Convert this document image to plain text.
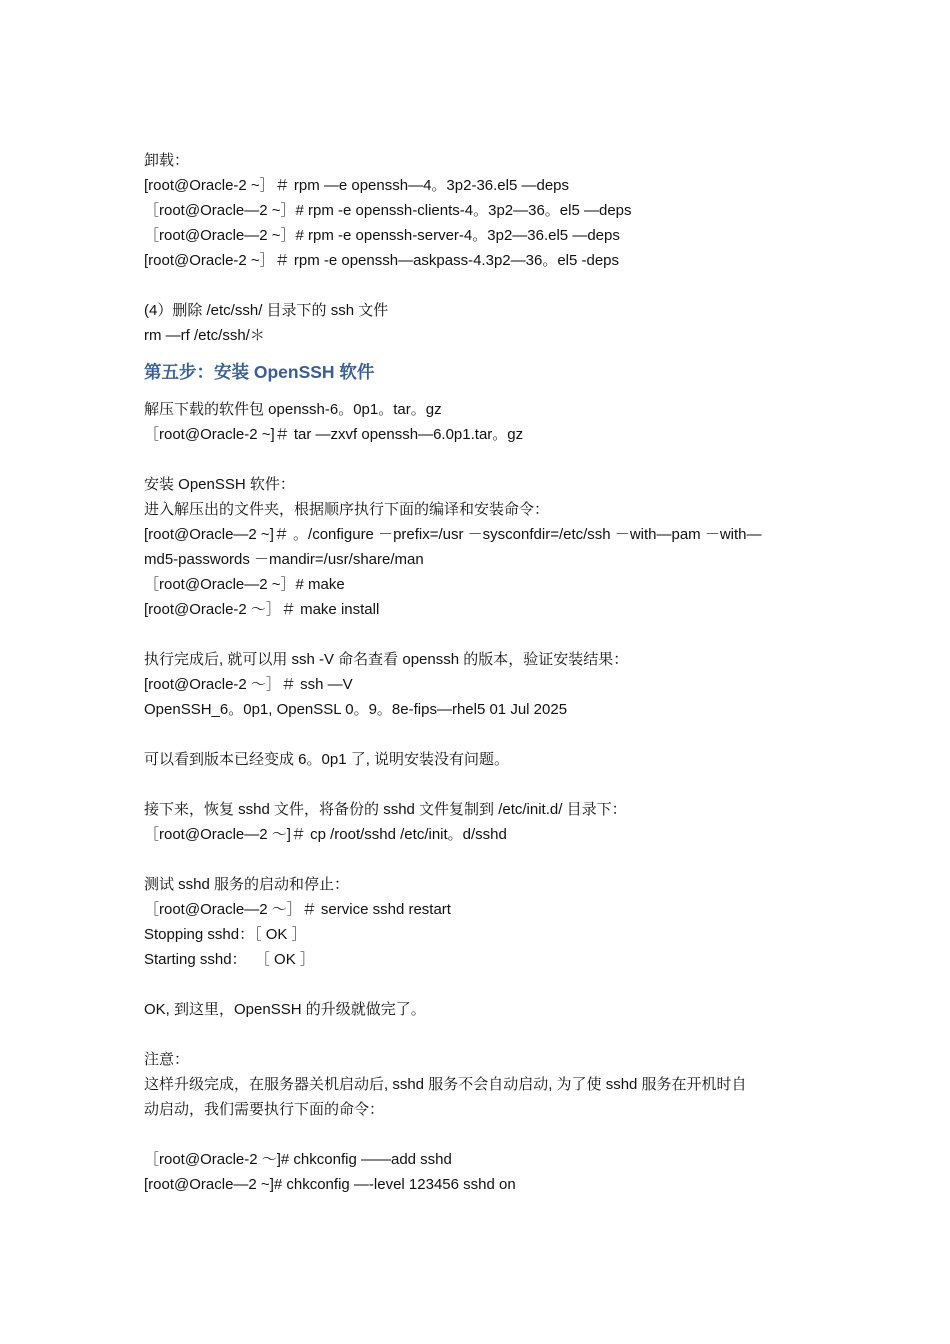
卸载：
[root@Oracle-2 ~］＃ rpm —e openssh—4。3p2-36.el5 —deps
［root@Oracle—2 ~］# rpm -e openssh-clients-4。3p2—36。el5 —deps
［root@Oracle—2 ~］# rpm -e openssh-server-4。3p2—36.el5 —deps
[root@Oracle-2 ~］＃ rpm -e openssh—askpass-4.3p2—36。el5 -deps
(4）删除 /etc/ssh/ 目录下的 ssh 文件
rm —rf /etc/ssh/＊
第五步：安装 OpenSSH 软件
解压下载的软件包 openssh-6。0p1。tar。gz
［root@Oracle-2 ~]＃ tar —zxvf openssh—6.0p1.tar。gz
安装 OpenSSH 软件：
进入解压出的文件夹，根据顺序执行下面的编译和安装命令：
[root@Oracle—2 ~]＃ 。/configure －prefix=/usr －sysconfdir=/etc/ssh －with—pam －with—
md5-passwords －mandir=/usr/share/man
［root@Oracle—2 ~］# make
[root@Oracle-2 ～］＃ make install
执行完成后, 就可以用 ssh -V 命名查看 openssh 的版本，验证安装结果：
[root@Oracle-2 ～］＃ ssh —V
OpenSSH_6。0p1, OpenSSL 0。9。8e-fips—rhel5 01 Jul 2025
可以看到版本已经变成 6。0p1 了, 说明安装没有问题。
接下来，恢复 sshd 文件，将备份的 sshd 文件复制到 /etc/init.d/ 目录下：
［root@Oracle—2 ～]＃ cp /root/sshd /etc/init。d/sshd
测试 sshd 服务的启动和停止：
［root@Oracle—2 ～］＃ service sshd restart
Stopping sshd：［ OK ］
Starting sshd：  ［ OK ］
OK, 到这里，OpenSSH 的升级就做完了。
注意：
这样升级完成，在服务器关机启动后, sshd 服务不会自动启动, 为了使 sshd 服务在开机时自
动启动，我们需要执行下面的命令：
［root@Oracle-2 ～]# chkconfig ——add sshd
[root@Oracle—2 ~]# chkconfig —-level 123456 sshd on
